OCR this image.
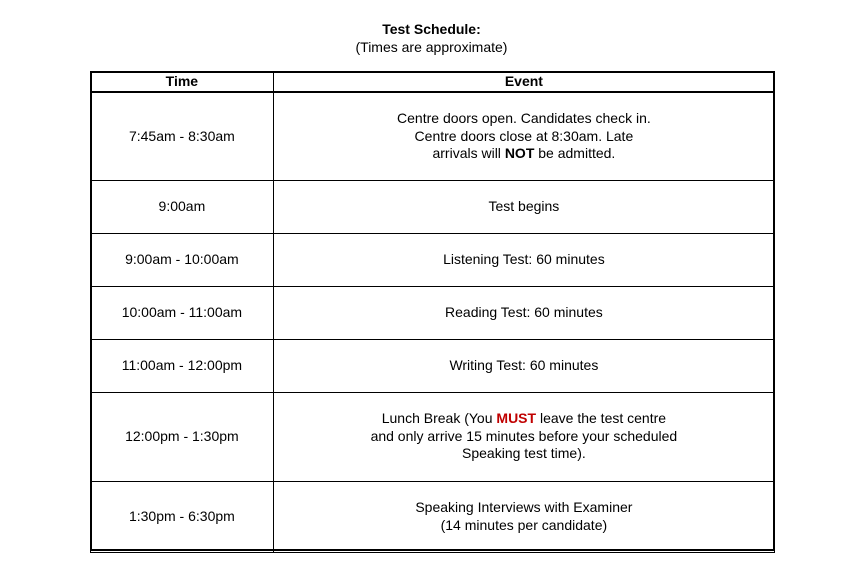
Test Schedule:
(Times are approximate)
Time	Event
7:45am - 8:30am	Centre doors open. Candidates check in.
Centre doors close at 8:30am. Late
arrivals will NOT be admitted.

9:00am	Test begins
9:00am - 10:00am	Listening Test: 60 minutes
10:00am - 11:00am	Reading Test: 60 minutes
11:00am - 12:00pm	Writing Test: 60 minutes
12:00pm - 1:30pm	Lunch Break (You MUST leave the test centre
and only arrive 15 minutes before your scheduled
Speaking test time).

1:30pm - 6:30pm	Speaking Interviews with Examiner
(14 minutes per candidate)
